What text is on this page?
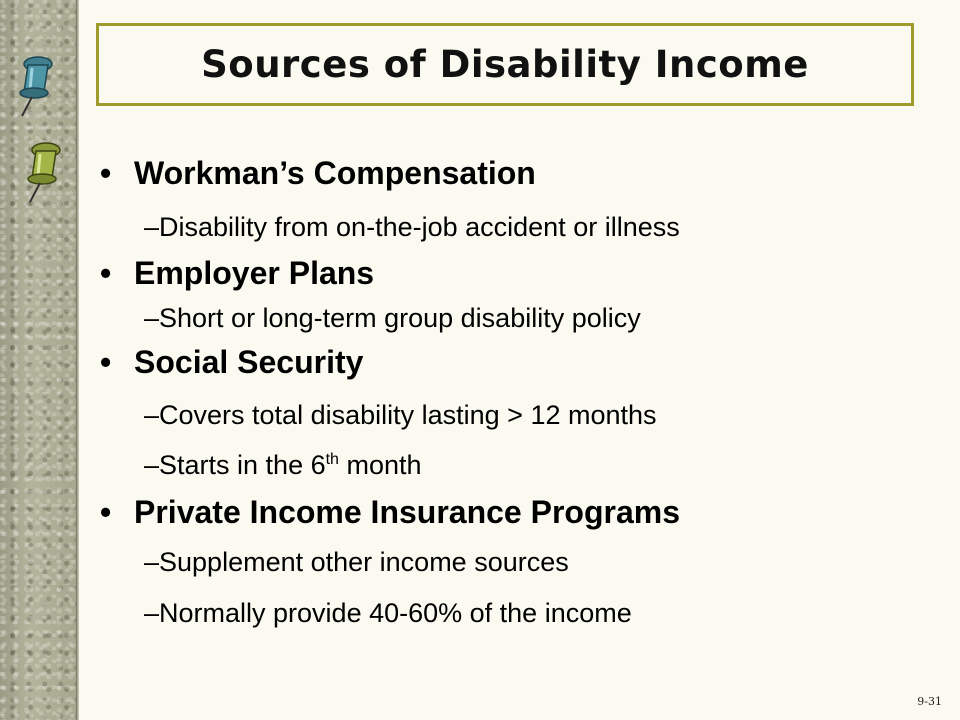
Sources of Disability Income
• Workman’s Compensation
–Disability from on-the-job accident or illness
• Employer Plans
–Short or long-term group disability policy
• Social Security
–Covers total disability lasting > 12 months
–Starts in the 6th month
• Private Income Insurance Programs
–Supplement other income sources
–Normally provide 40-60% of the income
9-31
